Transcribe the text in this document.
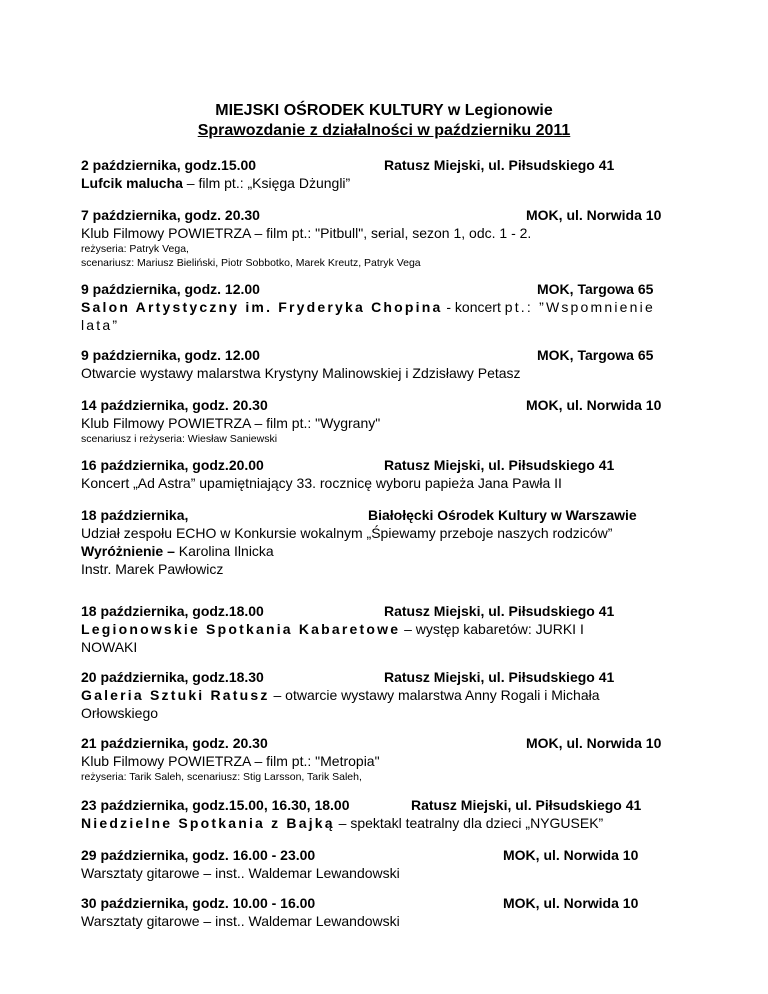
MIEJSKI OŚRODEK KULTURY w Legionowie
Sprawozdanie z działalności w październiku 2011
2 października, godz.15.00	Ratusz Miejski, ul. Piłsudskiego 41
Lufcik malucha – film pt.: „Księga Dżungli”
7 października, godz. 20.30	MOK, ul. Norwida 10
Klub Filmowy POWIETRZA – film pt.: "Pitbull", serial, sezon 1, odc. 1 - 2.
reżyseria: Patryk Vega,
scenariusz: Mariusz Bieliński, Piotr Sobbotko, Marek Kreutz, Patryk Vega
9 października, godz. 12.00	MOK, Targowa 65
Salon Artystyczny im. Fryderyka Chopina - koncert pt.: ”Wspomnienie lata”
9 października, godz. 12.00	MOK, Targowa 65
Otwarcie wystawy malarstwa Krystyny Malinowskiej i Zdzisławy Petasz
14 października, godz. 20.30	MOK, ul. Norwida 10
Klub Filmowy POWIETRZA – film pt.: "Wygrany"
scenariusz i reżyseria: Wiesław Saniewski
16 października, godz.20.00	Ratusz Miejski, ul. Piłsudskiego 41
Koncert „Ad Astra” upamiętniający 33. rocznicę wyboru papieża Jana Pawła II
18 października,	Białołęcki Ośrodek Kultury w Warszawie
Udział zespołu ECHO w Konkursie wokalnym „Śpiewamy przeboje naszych rodziców”
Wyróżnienie – Karolina Ilnicka
Instr. Marek Pawłowicz
18 października, godz.18.00	Ratusz Miejski, ul. Piłsudskiego 41
Legionowskie Spotkania Kabaretowe – występ kabaretów: JURKI I NOWAKI
20 października, godz.18.30	Ratusz Miejski, ul. Piłsudskiego 41
Galeria Sztuki Ratusz – otwarcie wystawy malarstwa Anny Rogali i Michała Orłowskiego
21 października, godz. 20.30	MOK, ul. Norwida 10
Klub Filmowy POWIETRZA – film pt.: "Metropia"
reżyseria: Tarik Saleh, scenariusz: Stig Larsson, Tarik Saleh,
23 października, godz.15.00, 16.30, 18.00	Ratusz Miejski, ul. Piłsudskiego 41
Niedzielne Spotkania z Bajką – spektakl teatralny dla dzieci „NYGUSEK”
29 października, godz. 16.00 - 23.00	MOK, ul. Norwida 10
Warsztaty gitarowe – inst.. Waldemar Lewandowski
30 października, godz. 10.00 - 16.00	MOK, ul. Norwida 10
Warsztaty gitarowe – inst.. Waldemar Lewandowski
